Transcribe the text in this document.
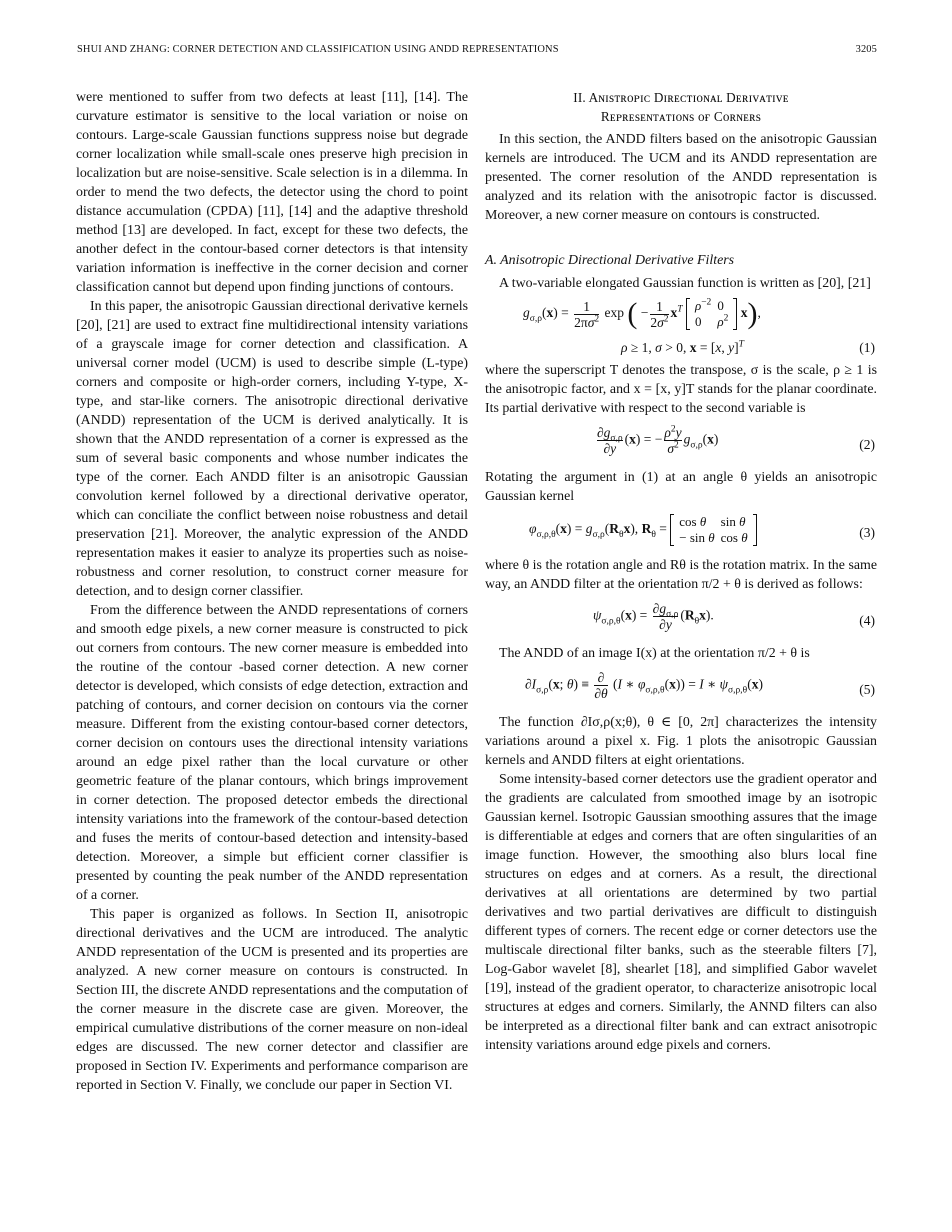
SHUI AND ZHANG: CORNER DETECTION AND CLASSIFICATION USING ANDD REPRESENTATIONS	3205

were mentioned to suffer from two defects at least [11], [14]. The curvature estimator is sensitive to the local variation or noise on contours. Large-scale Gaussian functions suppress noise but degrade corner localization while small-scale ones preserve high precision in localization but are noise-sensitive. Scale selection is in a dilemma. In order to mend the two defects, the detector using the chord to point distance accumulation (CPDA) [11], [14] and the adaptive threshold method [13] are developed. In fact, except for these two defects, the another defect in the contour-based corner detectors is that intensity variation information is ineffective in the corner decision and corner classification cannot but depend upon finding junctions of contours.

In this paper, the anisotropic Gaussian directional derivative kernels [20], [21] are used to extract fine multidirectional intensity variations of a grayscale image for corner detection and classification. A universal corner model (UCM) is used to describe simple (L-type) corners and composite or high-order corners, including Y-type, X-type, and star-like corners. The anisotropic directional derivative (ANDD) representation of the UCM is derived analytically. It is shown that the ANDD representation of a corner is expressed as the sum of several basic components and whose number indicates the type of the corner. Each ANDD filter is an anisotropic Gaussian convolution kernel followed by a directional derivative operator, which can conciliate the conflict between noise robustness and detail preservation [21]. Moreover, the analytic expression of the ANDD representation makes it easier to analyze its properties such as noise-robustness and corner resolution, to construct corner measure for detection, and to design corner classifier.

From the difference between the ANDD representations of corners and smooth edge pixels, a new corner measure is constructed to pick out corners from contours. The new corner measure is embedded into the routine of the contour -based corner detection. A new corner detector is developed, which consists of edge detection, extraction and patching of contours, and corner decision on contours via the corner measure. Different from the existing contour-based corner detectors, corner decision on contours uses the directional intensity variations around an edge pixel rather than the local curvature or other geometric feature of the planar contours, which brings improvement in corner detection. The proposed detector embeds the directional intensity variations into the framework of the contour-based detection and fuses the merits of contour-based detection and intensity-based detection. Moreover, a simple but efficient corner classifier is presented by counting the peak number of the ANDD representation of a corner.

This paper is organized as follows. In Section II, anisotropic directional derivatives and the UCM are introduced. The analytic ANDD representation of the UCM is presented and its properties are analyzed. A new corner measure on contours is constructed. In Section III, the discrete ANDD representations and the computation of the corner measure in the discrete case are given. Moreover, the empirical cumulative distributions of the corner measure on non-ideal edges are discussed. The new corner detector and classifier are proposed in Section IV. Experiments and performance comparison are reported in Section V. Finally, we conclude our paper in Section VI.

II. Aɴɪѕᴛʀᴏᴘɪᴄ Dɪʀᴇᴄᴛɪᴏɴᴀʟ Dᴇʀɪᴠᴀᴛɪᴠᴇ
Rᴇᴘʀᴇѕᴇɴᴛᴀᴛɪᴏɴѕ ᴏғ Cᴏʀɴᴇʀѕ

In this section, the ANDD filters based on the anisotropic Gaussian kernels are introduced. The UCM and its ANDD representation are presented. The corner resolution of the ANDD representation is analyzed and its relation with the anisotropic factor is discussed. Moreover, a new corner measure on contours is constructed.

A. Anisotropic Directional Derivative Filters

A two-variable elongated Gaussian function is written as [20], [21]

$g_{\sigma,\rho}(x) = \frac{1}{2\pi\sigma^2}$ exp ( − $\frac{1}{2\sigma^2} x^T$ $\rho^{-2}$	0
0	$\rho^2$ x),
ρ ≥ 1, σ > 0, x = [x, y]$^T$	(1)

where the superscript T denotes the transpose, σ is the scale, ρ ≥ 1 is the anisotropic factor, and x = [x, y]T stands for the planar coordinate. Its partial derivative with respect to the second variable is

$\frac{\partial g_{\sigma,\rho}}{\partial y} (x)$ = − $\frac{\rho^2y}{\sigma^2} g_{\sigma,\rho}(x)$	(2)

Rotating the argument in (1) at an angle θ yields an anisotropic Gaussian kernel

$\varphi_{\sigma,\rho,\theta}(x) = g_{\sigma,\rho}(R_\theta x)$, $R_\theta = \cos \theta$	sin θ
− sin θ	cos θ	(3)

where θ is the rotation angle and Rθ is the rotation matrix. In the same way, an ANDD filter at the orientation π/2 + θ is derived as follows:

$\psi_{\sigma,\rho,\theta}(x) = \frac{\partial g_{\sigma,\rho}}{\partial y} (R_\theta x)$.	(4)

The ANDD of an image I(x) at the orientation π/2 + θ is

$\partial I_{\sigma,\rho}(x$; $\theta) \equiv \frac{\partial}{\partial\theta} (I$ ∗ $\varphi_{\sigma,\rho,\theta}(x)) = I$ ∗ $\psi_{\sigma,\rho,\theta}(x)$	(5)

The function ∂Iσ,ρ(x;θ), θ ∈ [0, 2π] characterizes the intensity variations around a pixel x. Fig. 1 plots the anisotropic Gaussian kernels and ANDD filters at eight orientations.

Some intensity-based corner detectors use the gradient operator and the gradients are calculated from smoothed image by an isotropic Gaussian kernel. Isotropic Gaussian smoothing assures that the image is differentiable at edges and corners that are often singularities of an image function. However, the smoothing also blurs local fine structures on edges and at corners. As a result, the directional derivatives at all orientations are determined by two partial derivatives and two partial derivatives are difficult to distinguish different types of corners. The recent edge or corner detectors use the multiscale directional filter banks, such as the steerable filters [7], Log-Gabor wavelet [8], shearlet [18], and simplified Gabor wavelet [19], instead of the gradient operator, to characterize anisotropic local structures at edges and corners. Similarly, the ANND filters can also be interpreted as a directional filter bank and can extract anisotropic intensity variations around edge pixels and corners.
